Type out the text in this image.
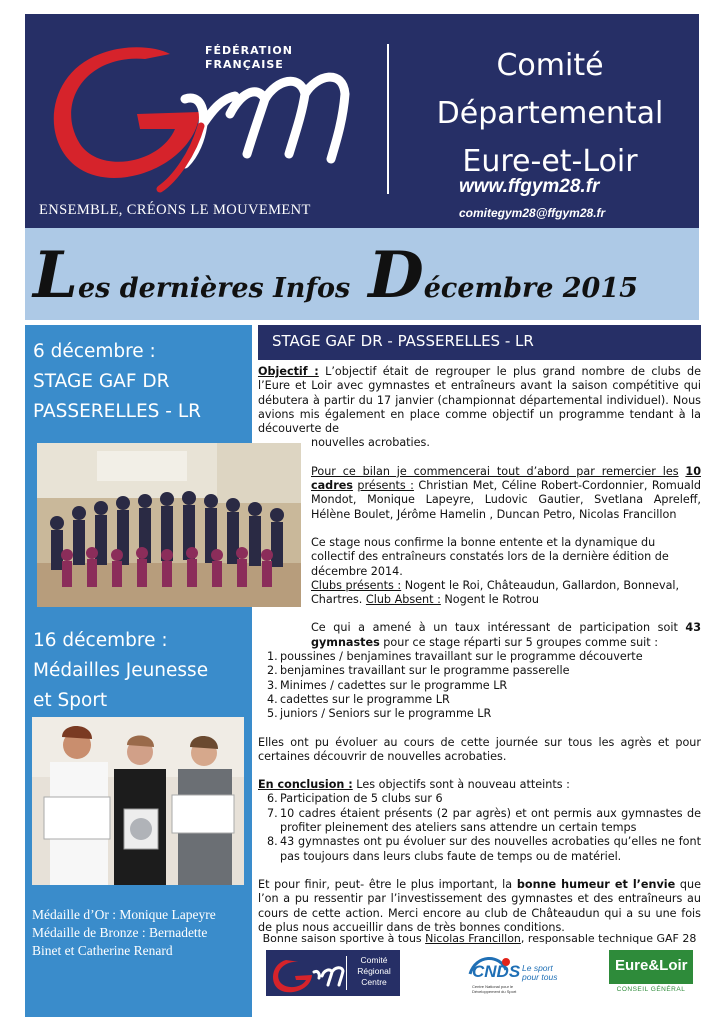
FÉDÉRATION
FRANÇAISE	Comité
Départemental
Eure-et-Loir
www.ffgym28.fr
comitegym28@ffgym28.fr
ENSEMBLE, CRÉONS LE MOUVEMENT
Les dernières Infos Décembre 2015
6 décembre :
STAGE GAF DR
PASSERELLES - LR
16 décembre :
Médailles Jeunesse
et Sport
Médaille d’Or : Monique Lapeyre
Médaille de Bronze : Bernadette
Binet et Catherine Renard
STAGE GAF DR - PASSERELLES - LR

Objectif : L’objectif était de regrouper le plus grand nombre de clubs de l’Eure et Loir avec gymnastes et entraîneurs avant la saison compétitive qui débutera à partir du 17 janvier (championnat départemental individuel). Nous avions mis également en place comme objectif un programme tendant à la découverte de

nouvelles acrobaties.

Pour ce bilan je commencerai tout d’abord par remercier les 10 cadres présents : Christian Met, Céline Robert-Cordonnier, Romuald Mondot, Monique Lapeyre, Ludovic Gautier, Svetlana Apreleff, Hélène Boulet, Jérôme Hamelin , Duncan Petro, Nicolas Francillon

Ce stage nous confirme la bonne entente et la dynamique du collectif des entraîneurs constatés lors de la dernière édition de décembre 2014.

Clubs présents : Nogent le Roi, Châteaudun, Gallardon, Bonneval, Chartres. Club Absent : Nogent le Rotrou

Ce qui a amené à un taux intéressant de participation soit 43 gymnastes pour ce stage réparti sur 5 groupes comme suit :

1. poussines / benjamines travaillant sur le programme découverte
2. benjamines travaillant sur le programme passerelle
3. Minimes / cadettes sur le programme LR
4. cadettes sur le programme LR
5. juniors / Seniors sur le programme LR

Elles ont pu évoluer au cours de cette journée sur tous les agrès et pour certaines découvrir de nouvelles acrobaties.

En conclusion : Les objectifs sont à nouveau atteints :

6. Participation de 5 clubs sur 6
7. 10 cadres étaient présents (2 par agrès) et ont permis aux gymnastes de profiter pleinement des ateliers sans attendre un certain temps
8. 43 gymnastes ont pu évoluer sur des nouvelles acrobaties qu’elles ne font pas toujours dans leurs clubs faute de temps ou de matériel.

Et pour finir, peut- être le plus important, la bonne humeur et l’envie que l’on a pu ressentir par l’investissement des gymnastes et des entraîneurs au cours de cette action. Merci encore au club de Châteaudun qui a su une fois de plus nous accueillir dans de très bonnes conditions.

Bonne saison sportive à tous Nicolas Francillon, responsable technique GAF 28
Comité
Régional
Centre
CNDS Le sport pour tous
Centre National pour le Développement du Sport
Eure&Loir
CONSEIL GÉNÉRAL
